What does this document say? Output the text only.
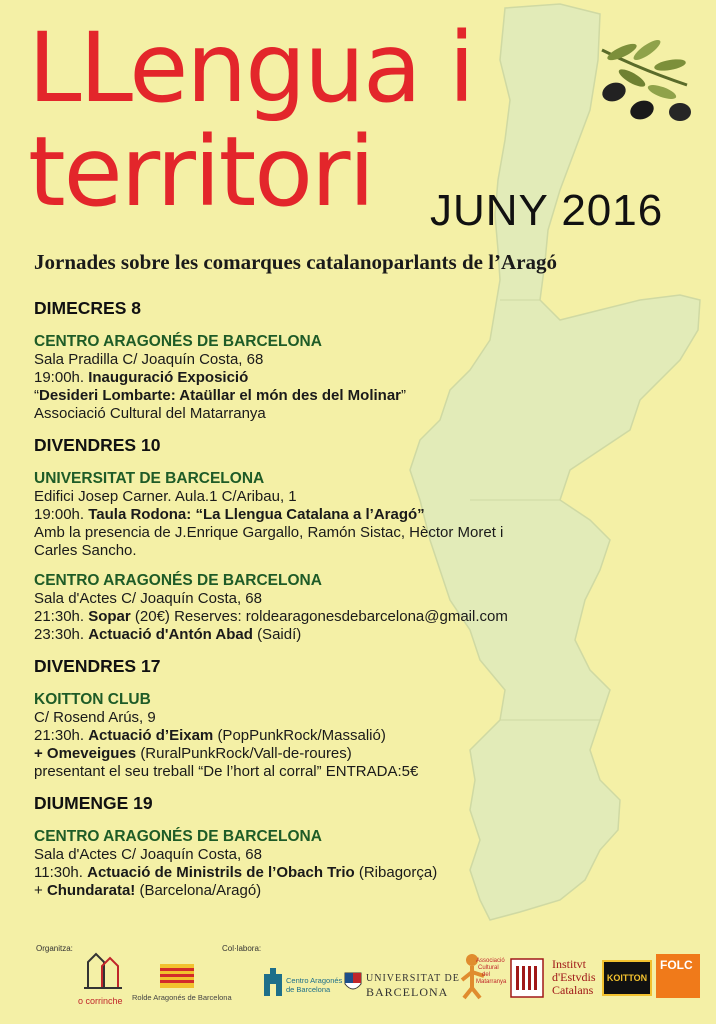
LLengua i
territori JUNY 2016

Jornades sobre les comarques catalanoparlants de l’Aragó

DIMECRES 8

CENTRO ARAGONÉS DE BARCELONA

Sala Pradilla C/ Joaquín Costa, 68

19:00h. Inauguració Exposició

“Desideri Lombarte: Ataüllar el món des del Molinar”

Associació Cultural del Matarranya

DIVENDRES 10

UNIVERSITAT DE BARCELONA

Edifici Josep Carner. Aula.1 C/Aribau, 1

19:00h. Taula Rodona: “La Llengua Catalana a l’Aragó”

Amb la presencia de J.Enrique Gargallo, Ramón Sistac, Hèctor Moret i

Carles Sancho.

CENTRO ARAGONÉS DE BARCELONA

Sala d'Actes C/ Joaquín Costa, 68

21:30h. Sopar (20€) Reserves: roldearagonesdebarcelona@gmail.com

23:30h. Actuació d'Antón Abad (Saidí)

DIVENDRES 17

KOITTON CLUB

C/ Rosend Arús, 9

21:30h. Actuació d’Eixam (PopPunkRock/Massalió)

+ Omeveigues (RuralPunkRock/Vall-de-roures)

presentant el seu treball “De l’hort al corral” ENTRADA:5€

DIUMENGE 19

CENTRO ARAGONÉS DE BARCELONA

Sala d'Actes C/ Joaquín Costa, 68

11:30h. Actuació de Ministrils de l’Obach Trio (Ribagorça)

+ Chundarata! (Barcelona/Aragó)

Organitza:	Col·labora:
o corrinche Rolde Aragonés de Barcelona
Centro Aragonés
de Barcelona
UNIVERSITAT DE
BARCELONA
Associació
Cultural
del
Matarranya
Institvt
d'Estvdis
Catalans
KOITTON
FOLC
